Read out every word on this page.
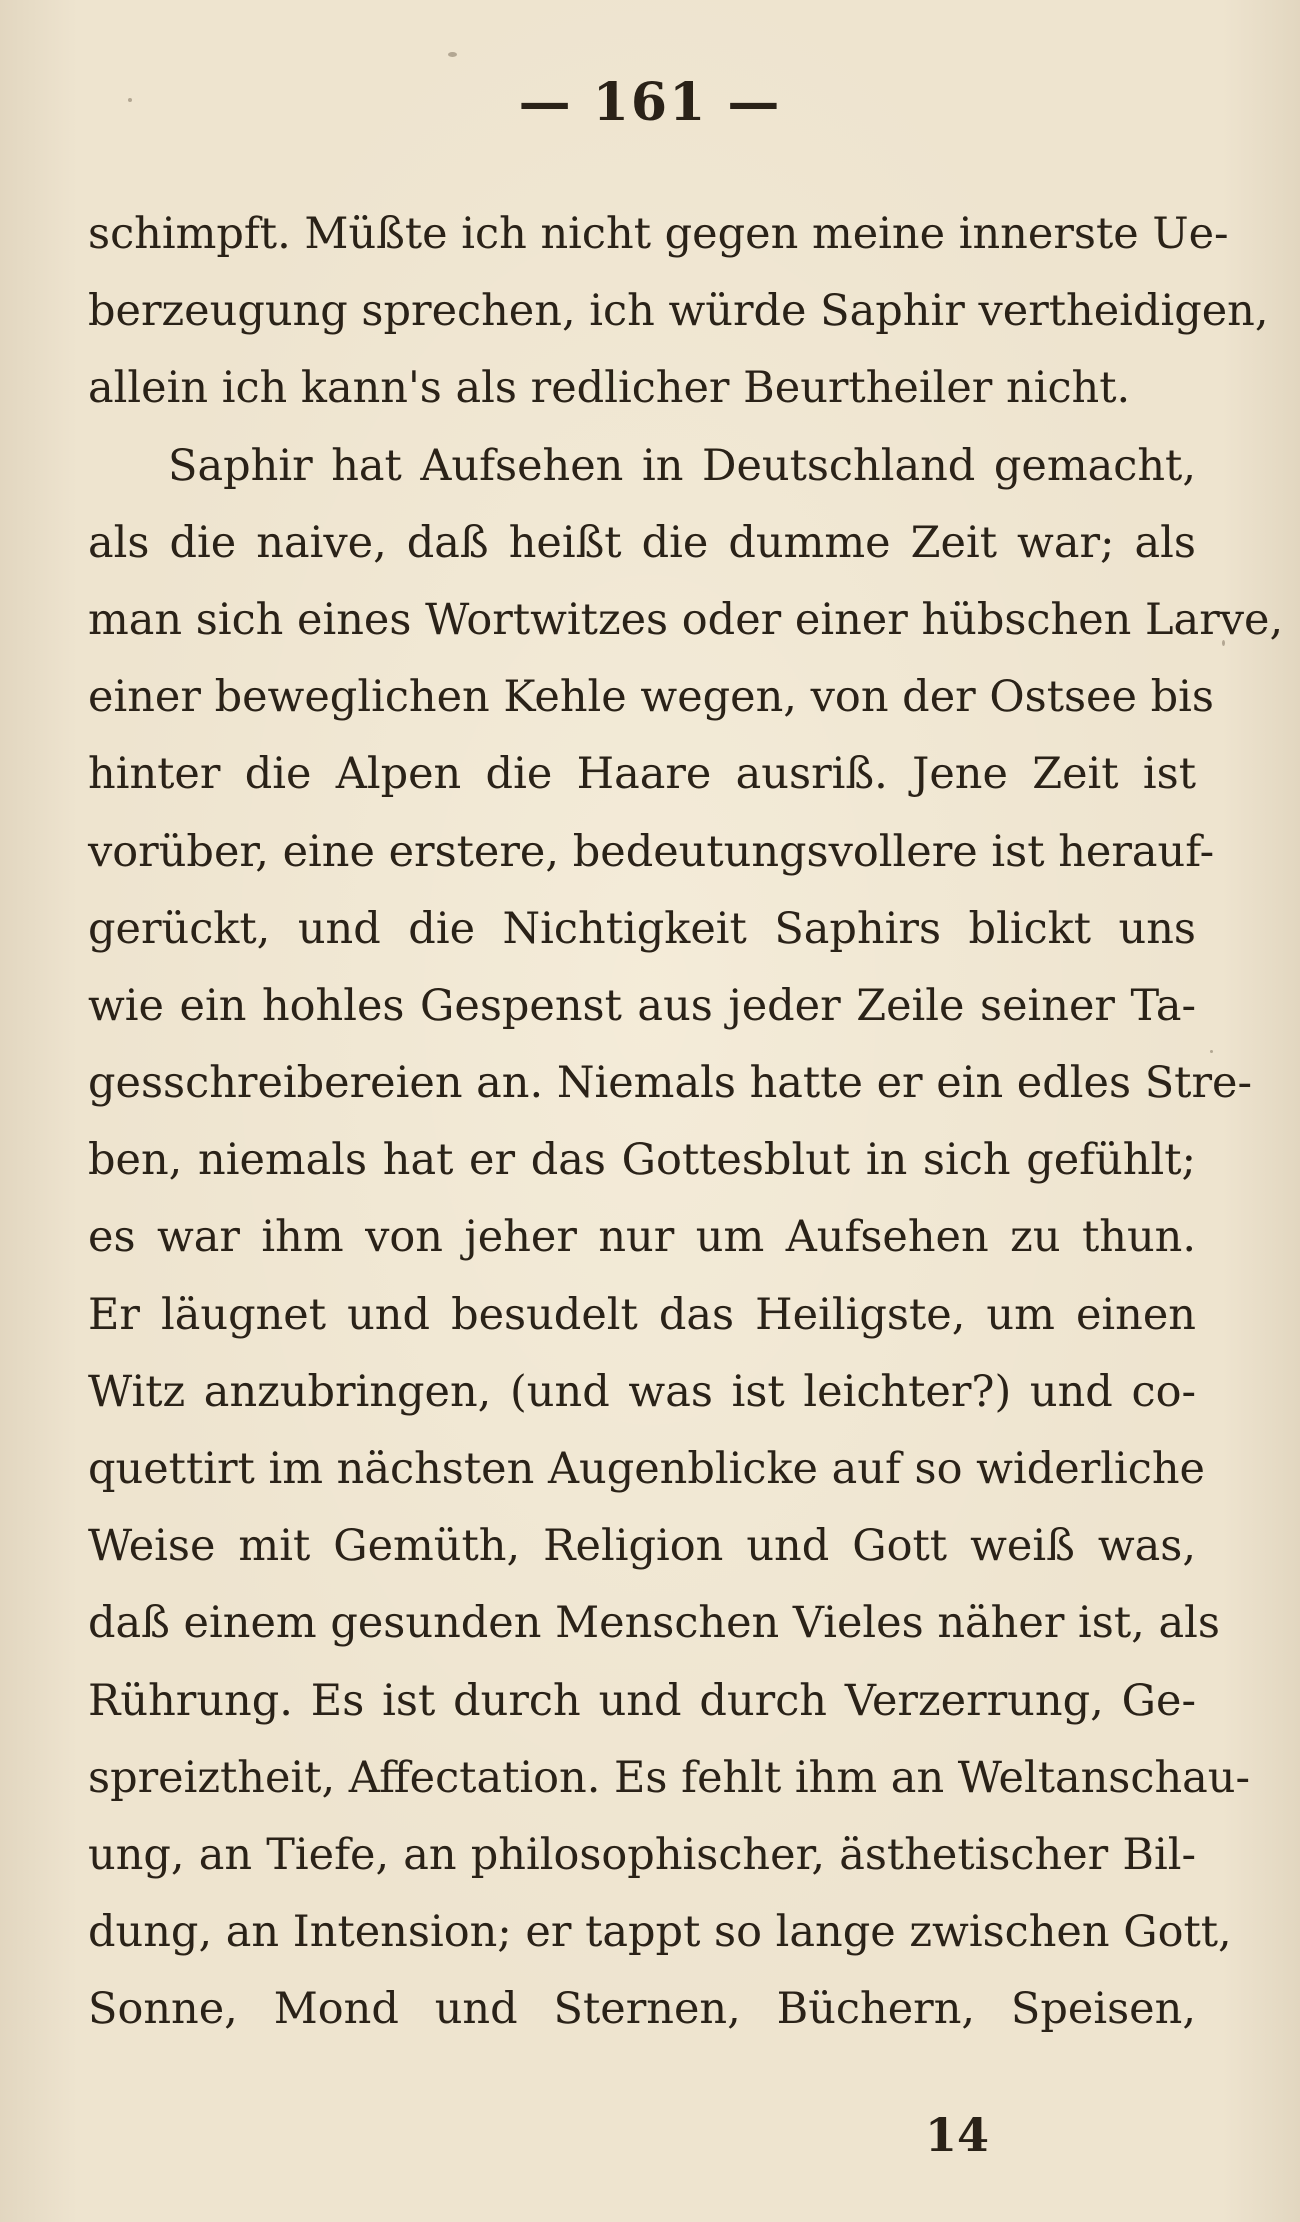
— 161 —
schimpft. Müßte ich nicht gegen meine innerste Ue-
berzeugung sprechen, ich würde Saphir vertheidigen,
allein ich kann's als redlicher Beurtheiler nicht.
Saphir hat Aufsehen in Deutschland gemacht,
als die naive, daß heißt die dumme Zeit war; als
man sich eines Wortwitzes oder einer hübschen Larve,
einer beweglichen Kehle wegen, von der Ostsee bis
hinter die Alpen die Haare ausriß. Jene Zeit ist
vorüber, eine erstere, bedeutungsvollere ist herauf-
gerückt, und die Nichtigkeit Saphirs blickt uns
wie ein hohles Gespenst aus jeder Zeile seiner Ta-
gesschreibereien an. Niemals hatte er ein edles Stre-
ben, niemals hat er das Gottesblut in sich gefühlt;
es war ihm von jeher nur um Aufsehen zu thun.
Er läugnet und besudelt das Heiligste, um einen
Witz anzubringen, (und was ist leichter?) und co-
quettirt im nächsten Augenblicke auf so widerliche
Weise mit Gemüth, Religion und Gott weiß was,
daß einem gesunden Menschen Vieles näher ist, als
Rührung. Es ist durch und durch Verzerrung, Ge-
spreiztheit, Affectation. Es fehlt ihm an Weltanschau-
ung, an Tiefe, an philosophischer, ästhetischer Bil-
dung, an Intension; er tappt so lange zwischen Gott,
Sonne, Mond und Sternen, Büchern, Speisen,
14
